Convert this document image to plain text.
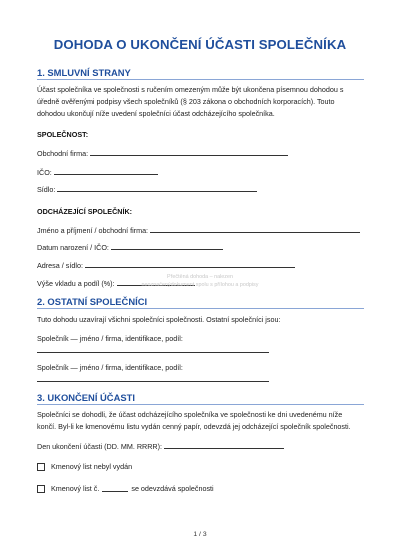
DOHODA O UKONČENÍ ÚČASTI SPOLEČNÍKA
1. SMLUVNÍ STRANY
Účast společníka ve společnosti s ručením omezeným může být ukončena písemnou dohodou s
úředně ověřenými podpisy všech společníků (§ 203 zákona o obchodních korporacích). Touto
dohodou ukončují níže uvedení společníci účast odcházejícího společníka.
SPOLEČNOST:
Obchodní firma:
IČO:
Sídlo:
ODCHÁZEJÍCÍ SPOLEČNÍK:
Jméno a příjmení / obchodní firma:
Datum narození / IČO:
Adresa / sídlo:
Výše vkladu a podíl (%):
Přečtěná dohoda – nalezen
neoznačenýdokument spolu s přílohou a podpisy
2. OSTATNÍ SPOLEČNÍCI
Tuto dohodu uzavírají všichni společníci společnosti. Ostatní společníci jsou:
Společník — jméno / firma, identifikace, podíl:
Společník — jméno / firma, identifikace, podíl:
3. UKONČENÍ ÚČASTI
Společníci se dohodli, že účast odcházejícího společníka ve společnosti ke dni uvedenému níže
končí. Byl-li ke kmenovému listu vydán cenný papír, odevzdá jej odcházející společník společnosti.
Den ukončení účasti (DD. MM. RRRR):
Kmenový list nebyl vydán
Kmenový list č.	se odevzdává společnosti
1 / 3
